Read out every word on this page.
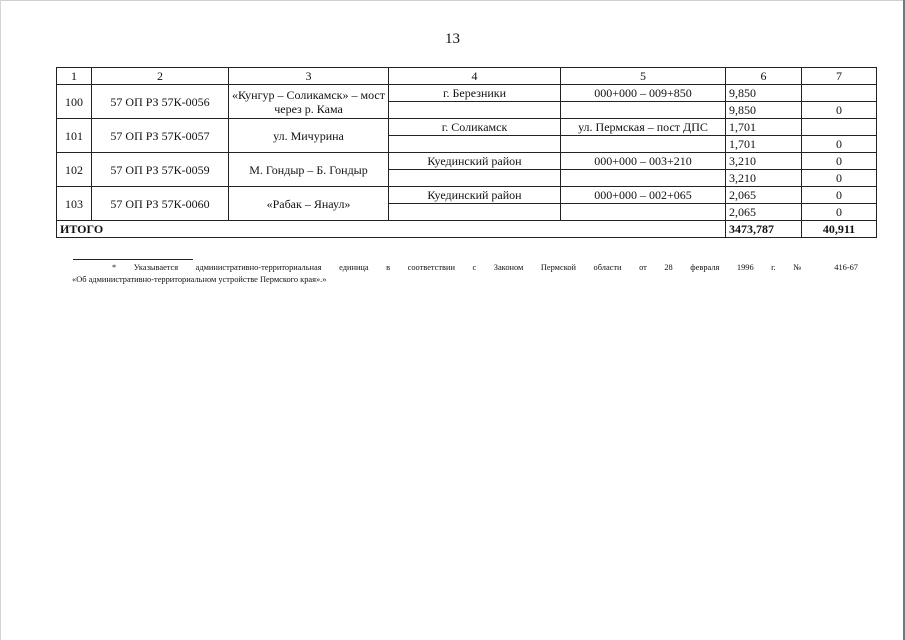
13
1	2	3	4	5	6	7
100	57 ОП РЗ 57К-0056	«Кунгур – Соликамск» – мост через р. Кама	г. Березники	000+000 – 009+850	9,850	
					9,850	0
101	57 ОП РЗ 57К-0057	ул. Мичурина	г. Соликамск	ул. Пермская – пост ДПС	1,701	
					1,701	0
102	57 ОП РЗ 57К-0059	М. Гондыр – Б. Гондыр	Куединский район	000+000 – 003+210	3,210	0
					3,210	0
103	57 ОП РЗ 57К-0060	«Рабак – Янаул»	Куединский район	000+000 – 002+065	2,065	0
					2,065	0
ИТОГО					3473,787	40,911
* Указывается административно-территориальная единица в соответствии с Законом Пермской области от 28 февраля 1996 г. № 416-67
«Об административно-территориальном устройстве Пермского края».»
